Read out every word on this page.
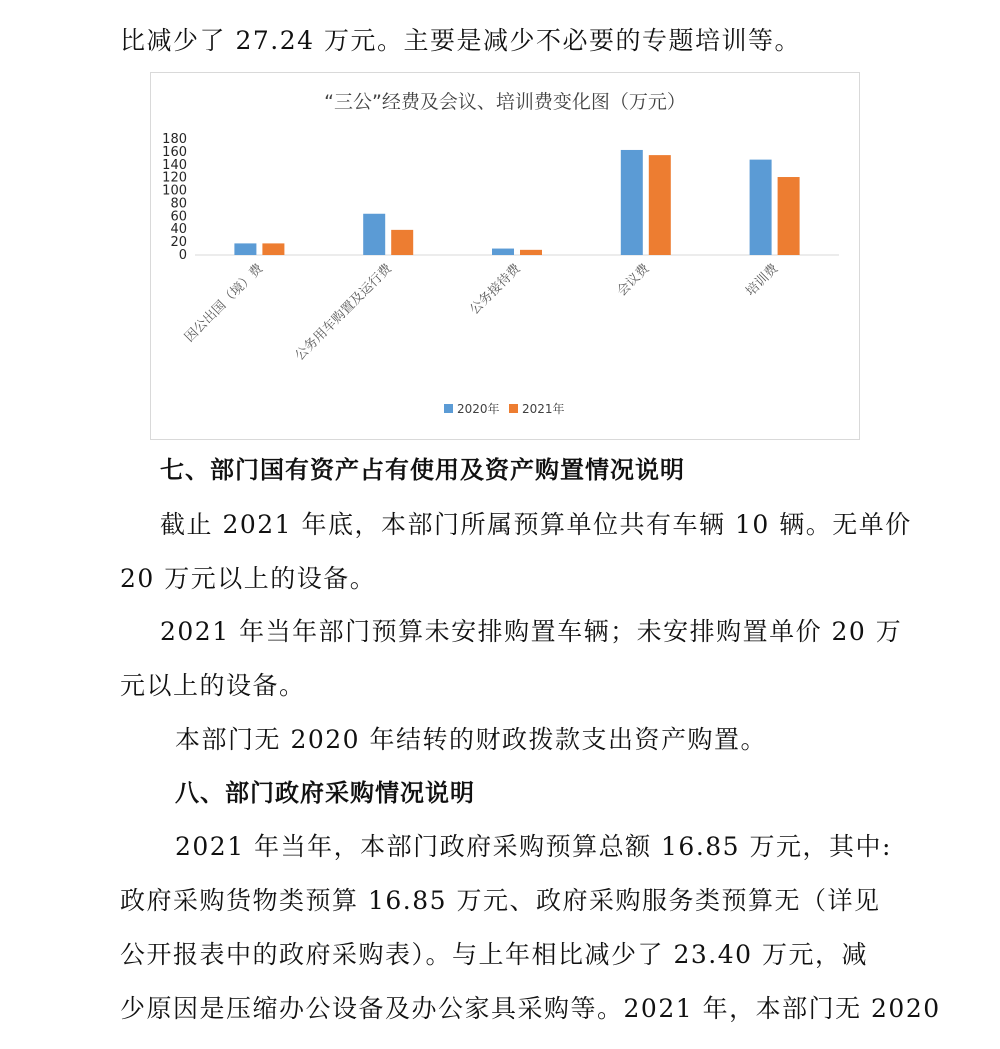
比减少了 27.24 万元。主要是减少不必要的专题培训等。
“三公”经费及会议、培训费变化图（万元）
0
20
40
60
80
100
120
140
160
180
因公出国（境）费 公务用车购置及运行费	公务接待费	会议费	培训费
2020年 2021年
七、部门国有资产占有使用及资产购置情况说明
截止 2021 年底，本部门所属预算单位共有车辆 10 辆。无单价
20 万元以上的设备。
2021 年当年部门预算未安排购置车辆；未安排购置单价 20 万
元以上的设备。
本部门无 2020 年结转的财政拨款支出资产购置。
八、部门政府采购情况说明
2021 年当年，本部门政府采购预算总额 16.85 万元，其中:
政府采购货物类预算 16.85 万元、政府采购服务类预算无（详见
公开报表中的政府采购表）。与上年相比减少了 23.40 万元，减
少原因是压缩办公设备及办公家具采购等。2021 年，本部门无 2020
